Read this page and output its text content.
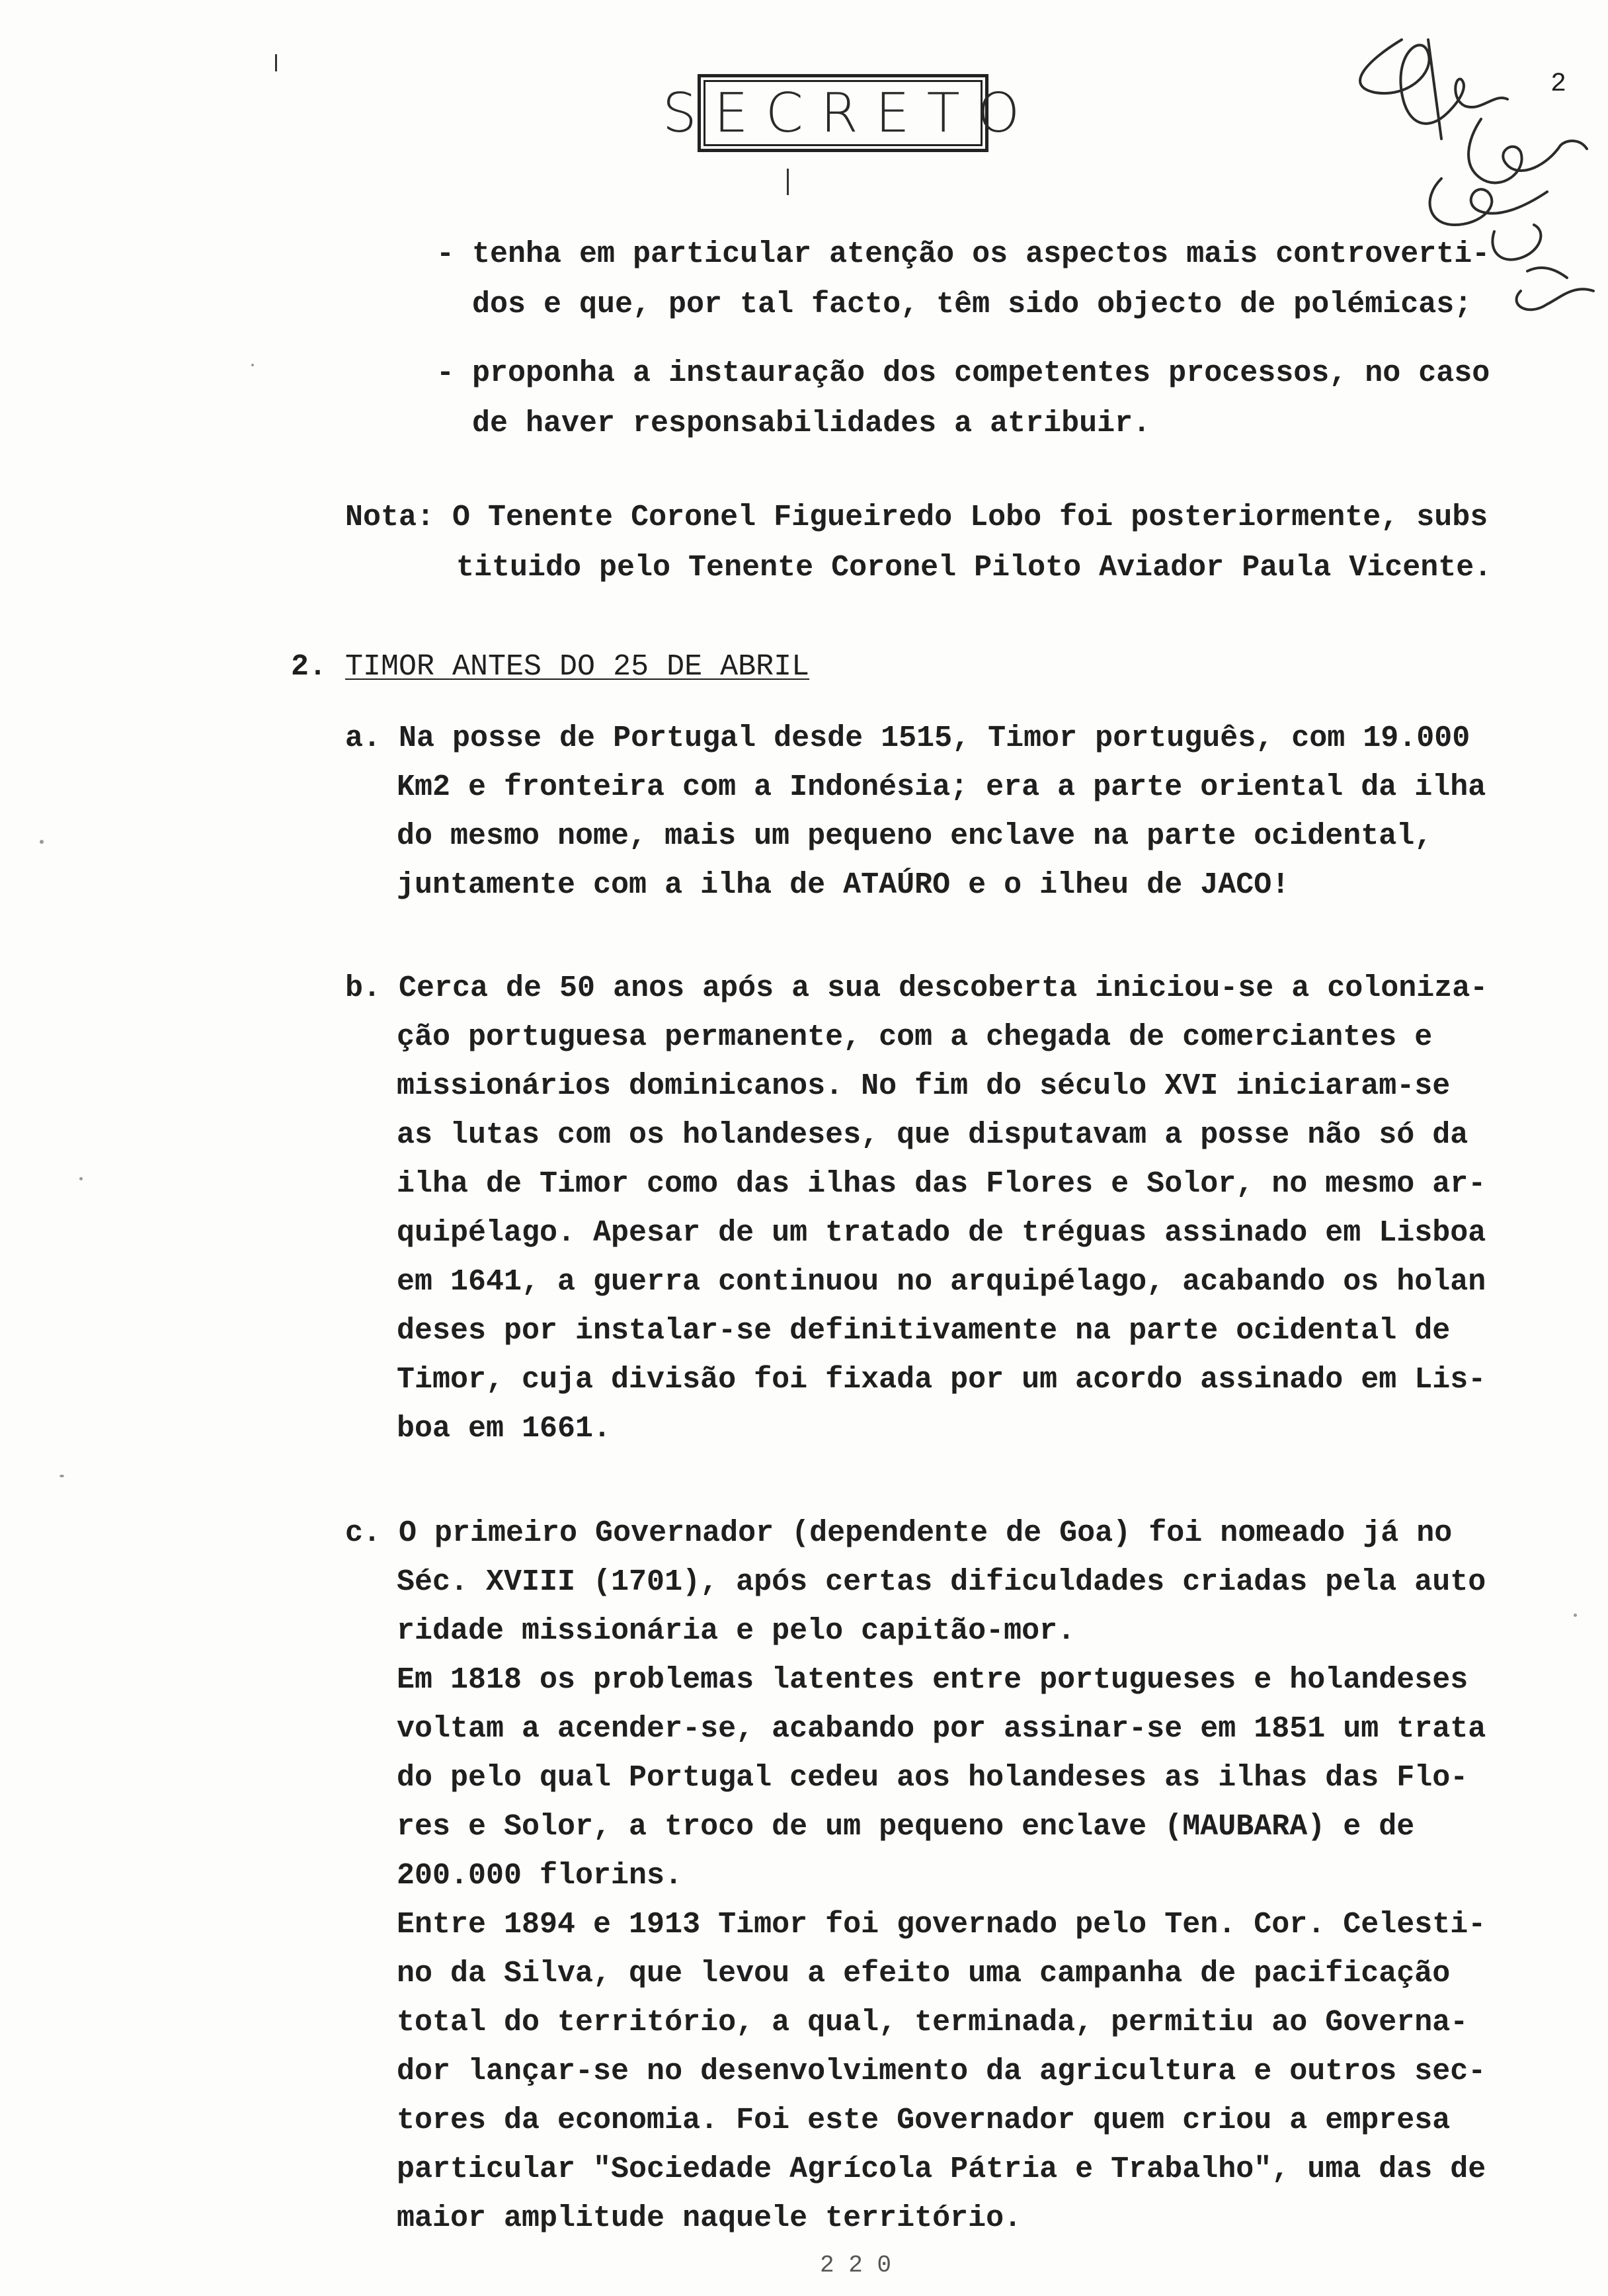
SECRETO	2
- tenha em particular atenção os aspectos mais controverti-
dos e que, por tal facto, têm sido objecto de polémicas;
- proponha a instauração dos competentes processos, no caso
de haver responsabilidades a atribuir.
Nota: O Tenente Coronel Figueiredo Lobo foi posteriormente, subs
tituido pelo Tenente Coronel Piloto Aviador Paula Vicente.
2. TIMOR ANTES DO 25 DE ABRIL
a. Na posse de Portugal desde 1515, Timor português, com 19.000
Km2 e fronteira com a Indonésia; era a parte oriental da ilha
do mesmo nome, mais um pequeno enclave na parte ocidental,
juntamente com a ilha de ATAÚRO e o ilheu de JACO!
b. Cerca de 50 anos após a sua descoberta iniciou-se a coloniza-
ção portuguesa permanente, com a chegada de comerciantes e
missionários dominicanos. No fim do século XVI iniciaram-se
as lutas com os holandeses, que disputavam a posse não só da
ilha de Timor como das ilhas das Flores e Solor, no mesmo ar-
quipélago. Apesar de um tratado de tréguas assinado em Lisboa
em 1641, a guerra continuou no arquipélago, acabando os holan
deses por instalar-se definitivamente na parte ocidental de
Timor, cuja divisão foi fixada por um acordo assinado em Lis-
boa em 1661.
c. O primeiro Governador (dependente de Goa) foi nomeado já no
Séc. XVIII (1701), após certas dificuldades criadas pela auto
ridade missionária e pelo capitão-mor.
Em 1818 os problemas latentes entre portugueses e holandeses
voltam a acender-se, acabando por assinar-se em 1851 um trata
do pelo qual Portugal cedeu aos holandeses as ilhas das Flo-
res e Solor, a troco de um pequeno enclave (MAUBARA) e de
200.000 florins.
Entre 1894 e 1913 Timor foi governado pelo Ten. Cor. Celesti-
no da Silva, que levou a efeito uma campanha de pacificação
total do território, a qual, terminada, permitiu ao Governa-
dor lançar-se no desenvolvimento da agricultura e outros sec-
tores da economia. Foi este Governador quem criou a empresa
particular "Sociedade Agrícola Pátria e Trabalho", uma das de
maior amplitude naquele território.
2 2 0
